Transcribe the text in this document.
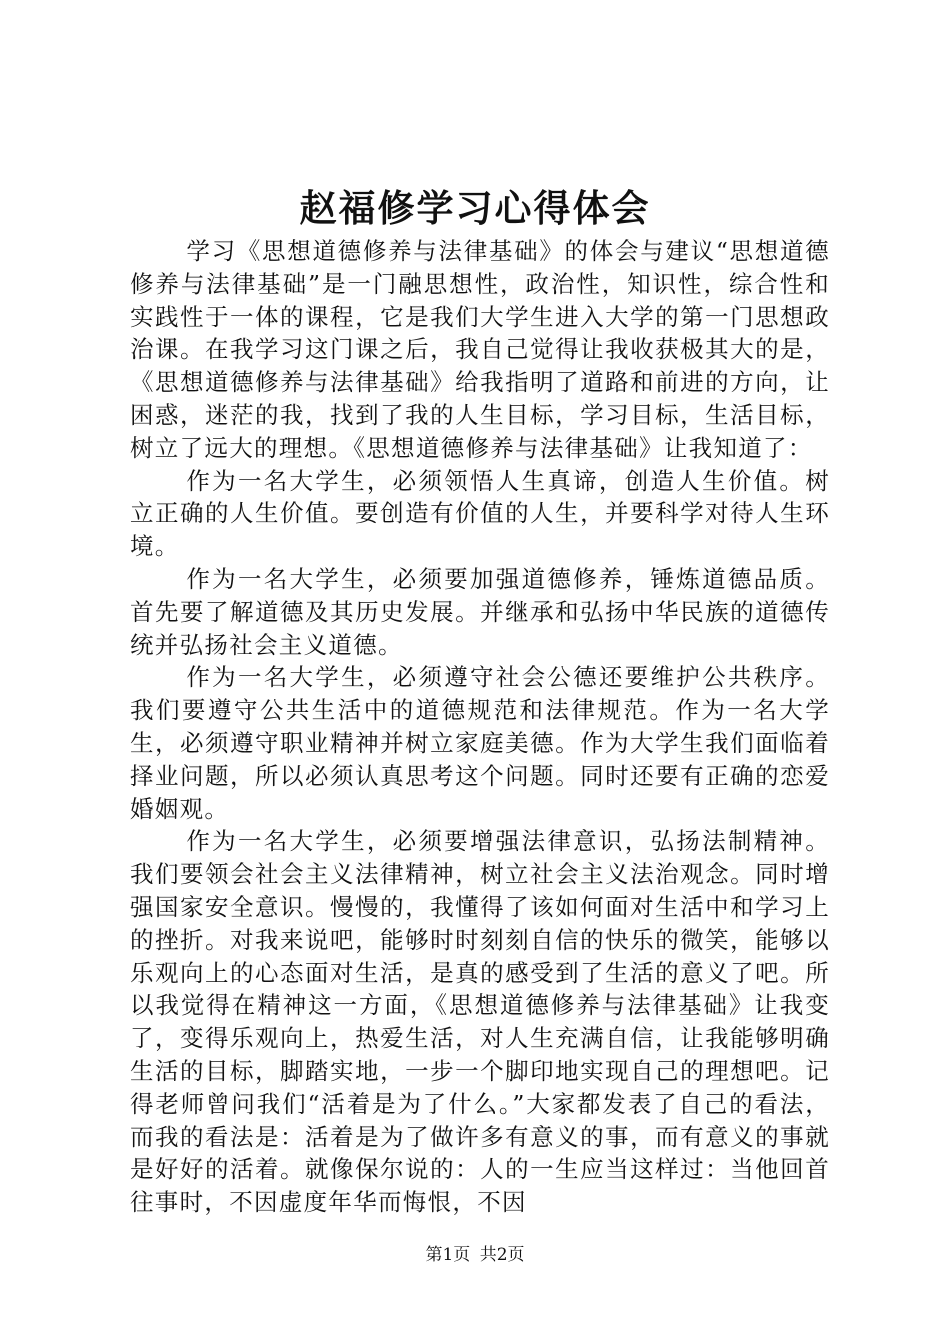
赵福修学习心得体会

学习《思想道德修养与法律基础》的体会与建议“思想道德修养与法律基础”是一门融思想性，政治性，知识性，综合性和实践性于一体的课程，它是我们大学生进入大学的第一门思想政治课。在我学习这门课之后，我自己觉得让我收获极其大的是，《思想道德修养与法律基础》给我指明了道路和前进的方向，让困惑，迷茫的我，找到了我的人生目标，学习目标，生活目标，树立了远大的理想。《思想道德修养与法律基础》让我知道了：

作为一名大学生，必须领悟人生真谛，创造人生价值。树立正确的人生价值。要创造有价值的人生，并要科学对待人生环境。

作为一名大学生，必须要加强道德修养，锤炼道德品质。首先要了解道德及其历史发展。并继承和弘扬中华民族的道德传统并弘扬社会主义道德。

作为一名大学生，必须遵守社会公德还要维护公共秩序。我们要遵守公共生活中的道德规范和法律规范。作为一名大学生，必须遵守职业精神并树立家庭美德。作为大学生我们面临着择业问题，所以必须认真思考这个问题。同时还要有正确的恋爱婚姻观。

作为一名大学生，必须要增强法律意识，弘扬法制精神。我们要领会社会主义法律精神，树立社会主义法治观念。同时增强国家安全意识。慢慢的，我懂得了该如何面对生活中和学习上的挫折。对我来说吧，能够时时刻刻自信的快乐的微笑，能够以乐观向上的心态面对生活，是真的感受到了生活的意义了吧。所以我觉得在精神这一方面，《思想道德修养与法律基础》让我变了，变得乐观向上，热爱生活，对人生充满自信，让我能够明确生活的目标，脚踏实地，一步一个脚印地实现自己的理想吧。记得老师曾问我们“活着是为了什么。”大家都发表了自己的看法，而我的看法是：活着是为了做许多有意义的事，而有意义的事就是好好的活着。就像保尔说的：人的一生应当这样过：当他回首往事时，不因虚度年华而悔恨，不因

第1页 共2页
